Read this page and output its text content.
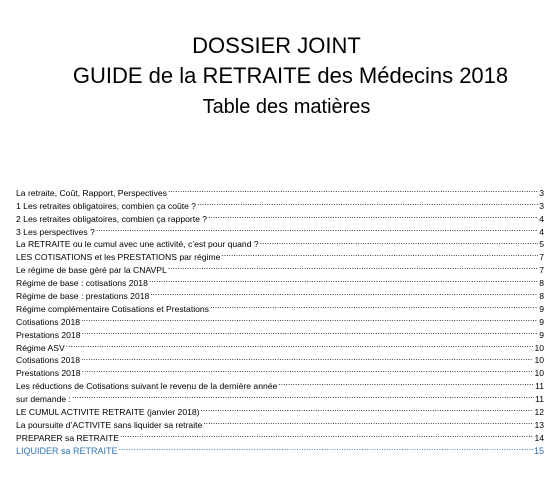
DOSSIER JOINT
GUIDE de la RETRAITE des Médecins 2018
Table des matières
La retraite, Coût, Rapport, Perspectives .....	3
1 Les retraites obligatoires, combien ça coûte ? .....	3
2 Les retraites obligatoires, combien ça rapporte ? .....	4
3 Les perspectives ? .....	4
La RETRAITE ou le cumul avec une activité, c’est pour quand ? .....	5
LES COTISATIONS et les PRESTATIONS par régime .....	7
Le régime de base géré par la CNAVPL .....	7
Régime de base : cotisations 2018 .....	8
Régime de base : prestations 2018 .....	8
Régime complémentaire Cotisations et Prestations .....	9
Cotisations 2018 .....	9
Prestations 2018 .....	9
Régime ASV .....	10
Cotisations 2018 .....	10
Prestations 2018 .....	10
Les réductions de Cotisations suivant le revenu de la dernière année .....	11
sur demande : .....	11
LE CUMUL ACTIVITE RETRAITE (janvier 2018) .....	12
La poursuite d’ACTIVITE sans liquider sa retraite .....	13
PREPARER sa RETRAITE .....	14
LIQUIDER sa RETRAITE .....	15
